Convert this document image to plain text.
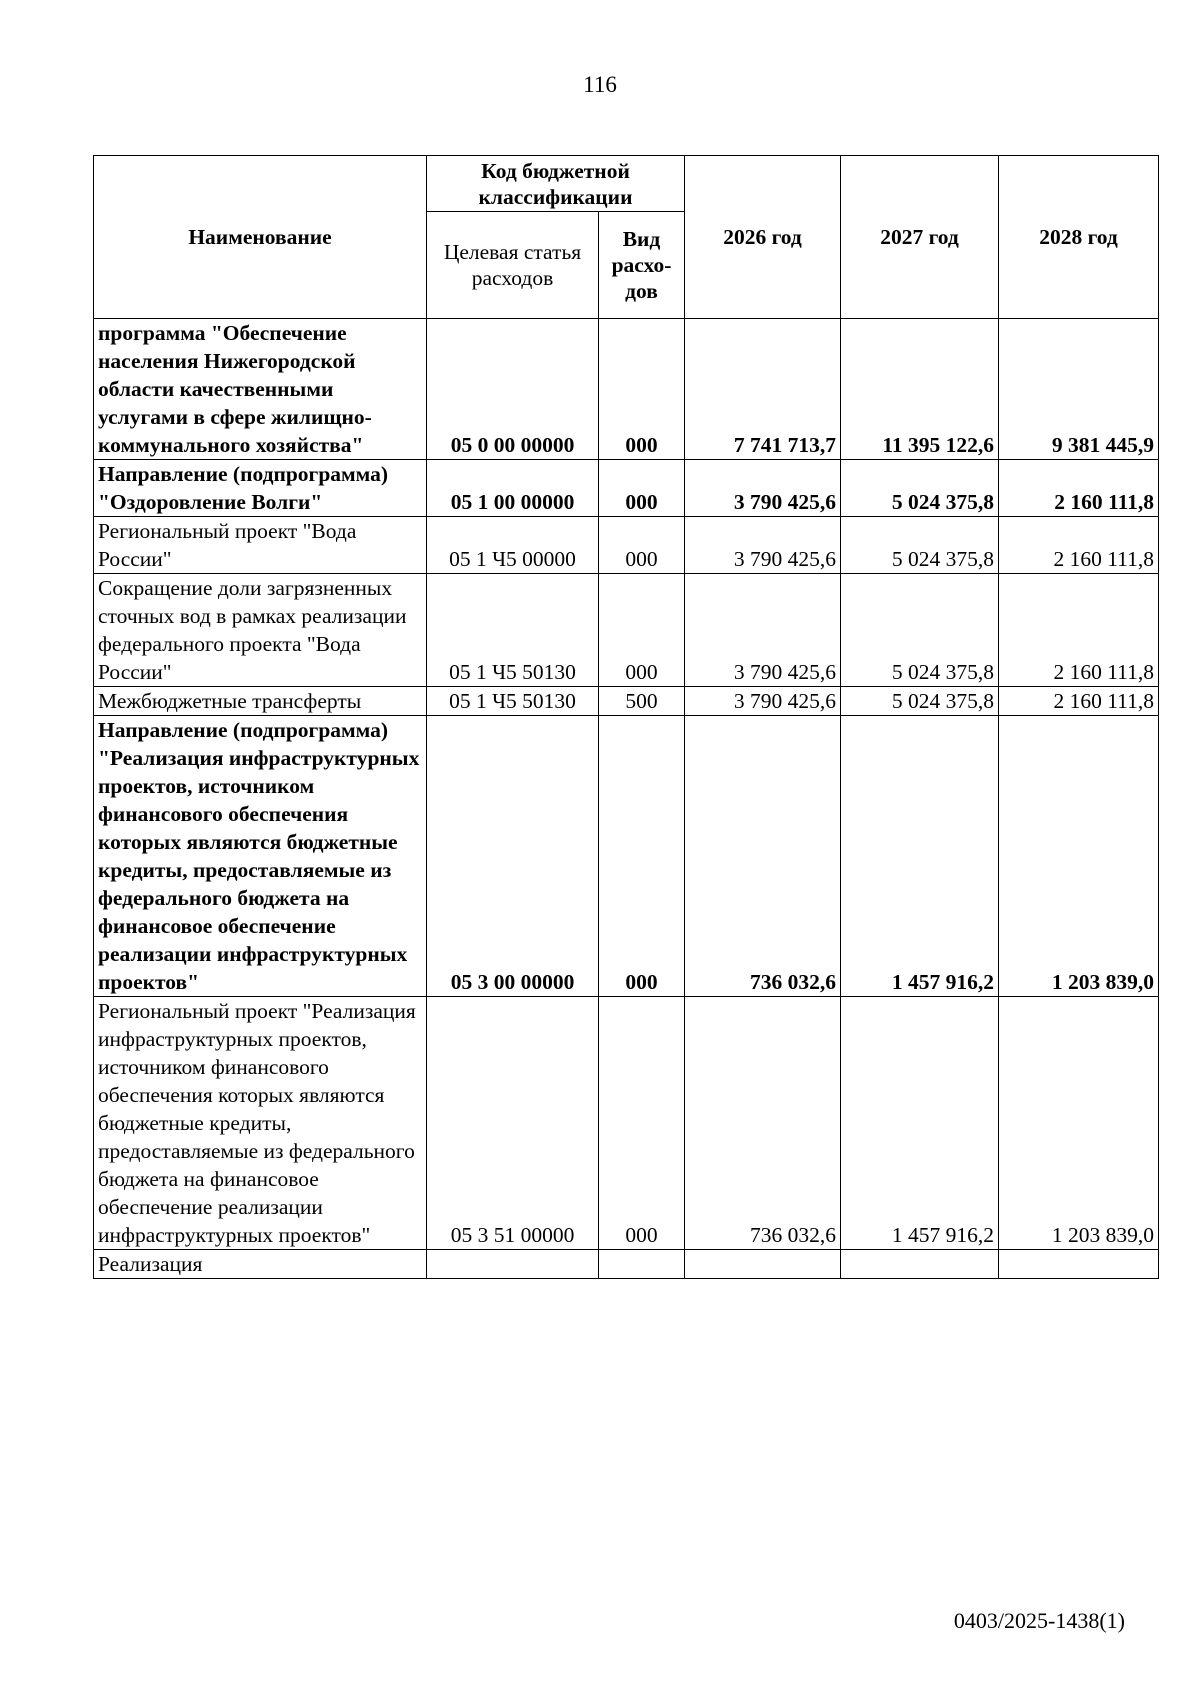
116
Наименование	Код бюджетной классификации		2026 год	2027 год	2028 год
	Целевая статья расходов	Вид расхо-дов			
программа "Обеспечение населения Нижегородской области качественными услугами в сфере жилищно-коммунального хозяйства"	05 0 00 00000	000	7 741 713,7	11 395 122,6	9 381 445,9
Направление (подпрограмма) "Оздоровление Волги"	05 1 00 00000	000	3 790 425,6	5 024 375,8	2 160 111,8
Региональный проект "Вода России"	05 1 Ч5 00000	000	3 790 425,6	5 024 375,8	2 160 111,8
Сокращение доли загрязненных сточных вод в рамках реализации федерального проекта "Вода России"	05 1 Ч5 50130	000	3 790 425,6	5 024 375,8	2 160 111,8
Межбюджетные трансферты	05 1 Ч5 50130	500	3 790 425,6	5 024 375,8	2 160 111,8
Направление (подпрограмма) "Реализация инфраструктурных проектов, источником финансового обеспечения которых являются бюджетные кредиты, предоставляемые из федерального бюджета на финансовое обеспечение реализации инфраструктурных проектов"	05 3 00 00000	000	736 032,6	1 457 916,2	1 203 839,0
Региональный проект "Реализация инфраструктурных проектов, источником финансового обеспечения которых являются бюджетные кредиты, предоставляемые из федерального бюджета на финансовое обеспечение реализации инфраструктурных проектов"	05 3 51 00000	000	736 032,6	1 457 916,2	1 203 839,0
Реализация					
0403/2025-1438(1)
